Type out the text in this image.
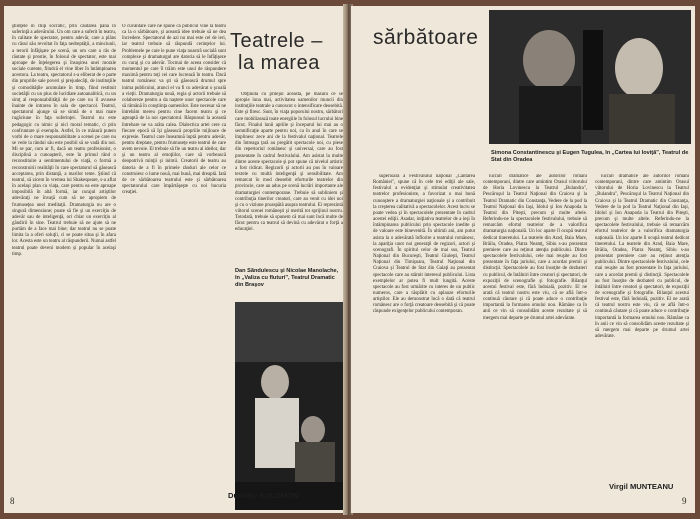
ştiinţele în chip socratic, prin căutarea până în suferinţă a adevărului. Un om care a suferit în teatru, în calitate de spectator, pentru adevăr, care a plâns cu râsul său revoltat în faţa nedreptăţii, a minciunii, a terorii înfăţişate pe scenă, un om care a râs de răutate şi prostie, în folosul de spectator, este mai aproape de înţelegerea şi însuşirea unei morale sociale curente, fiindcă el vine liber în întâmpinarea acestora. La teatru, spectatorul s-a eliberat de o parte din propriile sale poveri şi prejudecăţi, de instituţiile şi comodităţile acumulate în timp, fiind restituit societăţii cu un plus de lucidiate autoanalitică, cu un simţ al responsabilităţii de pe care nu îl avusese înainte de intrarea în sala de spectacol. Teatrul, spectatorul ajunge să se simtă de o mai mare rugăciune în faţa suferinţei. Teatrul nu este pedagogic cu nimic şi nici moral tematic, ci prin confruntare şi exemplu. Astfel, în ce măsură putem vorbi de o mare responsabilitate a scenei pe care nu se vede la rândul său este posibil să se vadă din noi. Mi se par, cum ar fi, dacă un teatru profesionist, o disciplină a cunoaşterii, este în primul rând o reconstituire a sentimentului de viaţă, o formă a reconstruirii realităţii în care spectatorul să găsească acceptarea, prin distanţă, a marilor teme. Ştiind că teatrul, să zicem în vremea lui Shakespeare, s-a aflat în acelaşi plan cu viaţa, care pentru ea este aproape imposibilă în altă formă, iar curajul artiştilor adevăraţi ne învaţă cum să ne apropiem de frumuseţea unei meditaţii. Dramaturgia nu are o singură dimensiune; poate să fie şi un exerciţiu de adevăr sau de inteligenţă, ori chiar un exerciţiu al gândirii în sine. Teatrul trebuie să ne ajute să ne purtăm de a face mai bine; dar teatrul nu se poate limita la a oferi soluţii, ci se poate situa şi în afara lor. Acesta este un teatru al răspunderii. Numai astfel teatrul poate deveni modern şi popular în acelaşi timp.

O cuvântare care ne spune că publicul vine la teatru ca la o sărbătoare, şi această idee trebuie să ne dea încredere. Spectatorul de azi nu mai este cel de ieri, iar teatrul trebuie să răspundă cerinţelor lui. Problemele pe care le pune viaţa noastră socială sunt complexe şi dramaturgul are datoria să le înfăţişeze cu curaj şi cu adevăr. Tocmai de aceea consider că momentul pe care îl trăim este unul de răspundere maximă pentru toţi cei care lucrează în teatru. Dacă teatrul românesc va şti să găsească drumul spre inima publicului, atunci el va fi cu adevărat o şcoală a vieţii. Dramaturgia nouă, regia şi actorii trebuie să colaboreze pentru a da naştere unor spectacole care să rămână în conştiinţa oamenilor. Este necesar să ne întrebăm mereu pentru cine facem teatru şi ce aşteaptă de la noi spectatorul. Răspunsul la această întrebare ne va arăta calea. Dialectica artei cere ca fiecare epocă să îşi găsească propriile mijloace de expresie. Teatrul care înseamnă luptă pentru adevăr, pentru dreptate, pentru frumuseţe este teatrul de care avem nevoie. El trebuie să fie un teatru al ideilor, dar şi un teatru al emoţiilor, care să vorbească deopotrivă minţii şi inimii. Creatorii de teatru au datoria de a fi în primele rânduri ale celor ce construiesc o lume nouă, mai bună, mai dreaptă. Iată de ce sărbătoarea teatrului este şi sărbătoarea spectatorului care împărtăşeşte cu noi bucuria creaţiei.

Obţinută cu prilejul aceasta, pe măsură ce se apropie luna mai, activitatea oamenilor muncii din instituţiile teatrale a cunoscut o intensificare deosebită. Este şi firesc. Sunt, în viaţa poporului nostru, sărbători care mobilizează toate energiile în folosul lucrului bine făcut. Finalul lunii aprilie şi începutul lui mai au o semnificaţie aparte pentru noi, ca în anul în care se împlinesc zece ani de la festivalul naţional. Teatrele din întreaga ţară au pregătit spectacole noi, cu piese din repertoriul românesc şi universal, care au fost prezentate în cadrul festivalului. Am asistat la multe dintre aceste spectacole şi pot spune că nivelul artistic a fost ridicat. Regizorii şi actorii au pus în valoare textele cu multă inteligenţă şi sensibilitate. Am remarcat în mod deosebit eforturile teatrelor din provincie, care au adus pe scenă lucrări importante ale dramaturgiei contemporane. Trebuie să subliniem şi contribuţia tinerilor creatori, care au venit cu idei noi şi cu o viziune proaspătă asupra teatrului. Ei reprezintă viitorul scenei româneşti şi merită tot sprijinul nostru. Totodată, trebuie să spunem că mai sunt încă multe de făcut pentru ca teatrul să devină cu adevărat o forţă a educaţiei.

Teatrele –
la marea
Dan Săndulescu şi Nicolae Manolache, în „Valiza cu fluturi", Teatrul Dramatic din Braşov
Dumitru SOLOMON
8
sărbătoare
Simona Constantinescu şi Eugen Tugulea, în „Cartea lui Ioviţă", Teatrul de Stat din Oradea

superioară a Festivalului naţional „Cântarea României", spune că în cele trei ediţii ale sale, festivalul a evidenţiat şi stimulat creativitatea teatrelor profesioniste, a favorizat o mai bună cunoaştere a dramaturgiei naţionale şi a contribuit la creşterea calitativă a spectacolelor. Acest lucru se poate vedea şi în spectacolele prezentate în cadrul acestei ediţii. Asadar, iniţiativa teatrelor de a ieşi în întâmpinarea publicului prin spectacole inedite şi de valoare este binevenită. În ultimii ani, am putut asista la o adevărată înflorire a teatrului românesc, la apariţia unor noi generaţii de regizori, actori şi scenografi. În spiritul celor de mai sus, Teatrul Naţional din Bucureşti, Teatrul Giuleşti, Teatrul Naţional din Timişoara, Teatrul Naţional din Craiova şi Teatrul de Stat din Galaţi au prezentat spectacole care au stârnit interesul publicului. Lista exemplelor ar putea fi mult lungită. Aceste spectacole au fost urmărite cu interes de un public numeros, care a răsplătit cu aplauze eforturile artiştilor. Ele au demonstrat încă o dată că teatrul românesc are o forţă creatoare deosebită şi că poate răspunde exigenţelor publicului contemporan.

lucrări dramatice ale autorilor români contemporani, dintre care amintim Orasul viitorului de Horia Lovinescu la Teatrul „Bulandra", Pescăruşul la Teatrul Naţional din Craiova şi la Teatrul Dramatic din Constanţa, Vedere de la pod la Teatrul Naţional din Iaşi, Idolul şi Ion Anapoda la Teatrul din Piteşti, precum şi multe altele. Referindu-ne la spectacolele festivalului, trebuie să remarcăm efortul teatrelor de a valorifica dramaturgia naţională. Un loc aparte îl ocupă teatrul dedicat tineretului. La teatrele din Arad, Baia Mare, Brăila, Oradea, Piatra Neamţ, Sibiu s-au prezentat premiere care au reţinut atenţia publicului. Dintre spectacolele festivalului, cele mai reuşite au fost prezentate în faţa juriului, care a acordat premii şi distincţii. Spectacolele au fost însoţite de dezbateri cu publicul, de întâlniri între creatori şi spectatori, de expoziţii de scenografie şi fotografie. Bilanţul acestui festival este, fără îndoială, pozitiv. El ne arată că teatrul nostru este viu, că se află într-o continuă căutare şi că poate aduce o contribuţie importantă la formarea omului nou. Rămâne ca în anii ce vin să consolidăm aceste rezultate şi să mergem mai departe pe drumul artei adevărate.

lucrări dramatice ale autorilor români contemporani, dintre care amintim Orasul viitorului de Horia Lovinescu la Teatrul „Bulandra", Pescăruşul la Teatrul Naţional din Craiova şi la Teatrul Dramatic din Constanţa, Vedere de la pod la Teatrul Naţional din Iaşi, Idolul şi Ion Anapoda la Teatrul din Piteşti, precum şi multe altele. Referindu-ne la spectacolele festivalului, trebuie să remarcăm efortul teatrelor de a valorifica dramaturgia naţională. Un loc aparte îl ocupă teatrul dedicat tineretului. La teatrele din Arad, Baia Mare, Brăila, Oradea, Piatra Neamţ, Sibiu s-au prezentat premiere care au reţinut atenţia publicului. Dintre spectacolele festivalului, cele mai reuşite au fost prezentate în faţa juriului, care a acordat premii şi distincţii. Spectacolele au fost însoţite de dezbateri cu publicul, de întâlniri între creatori şi spectatori, de expoziţii de scenografie şi fotografie. Bilanţul acestui festival este, fără îndoială, pozitiv. El ne arată că teatrul nostru este viu, că se află într-o continuă căutare şi că poate aduce o contribuţie importantă la formarea omului nou. Rămâne ca în anii ce vin să consolidăm aceste rezultate şi să mergem mai departe pe drumul artei adevărate.

Virgil MUNTEANU
9
